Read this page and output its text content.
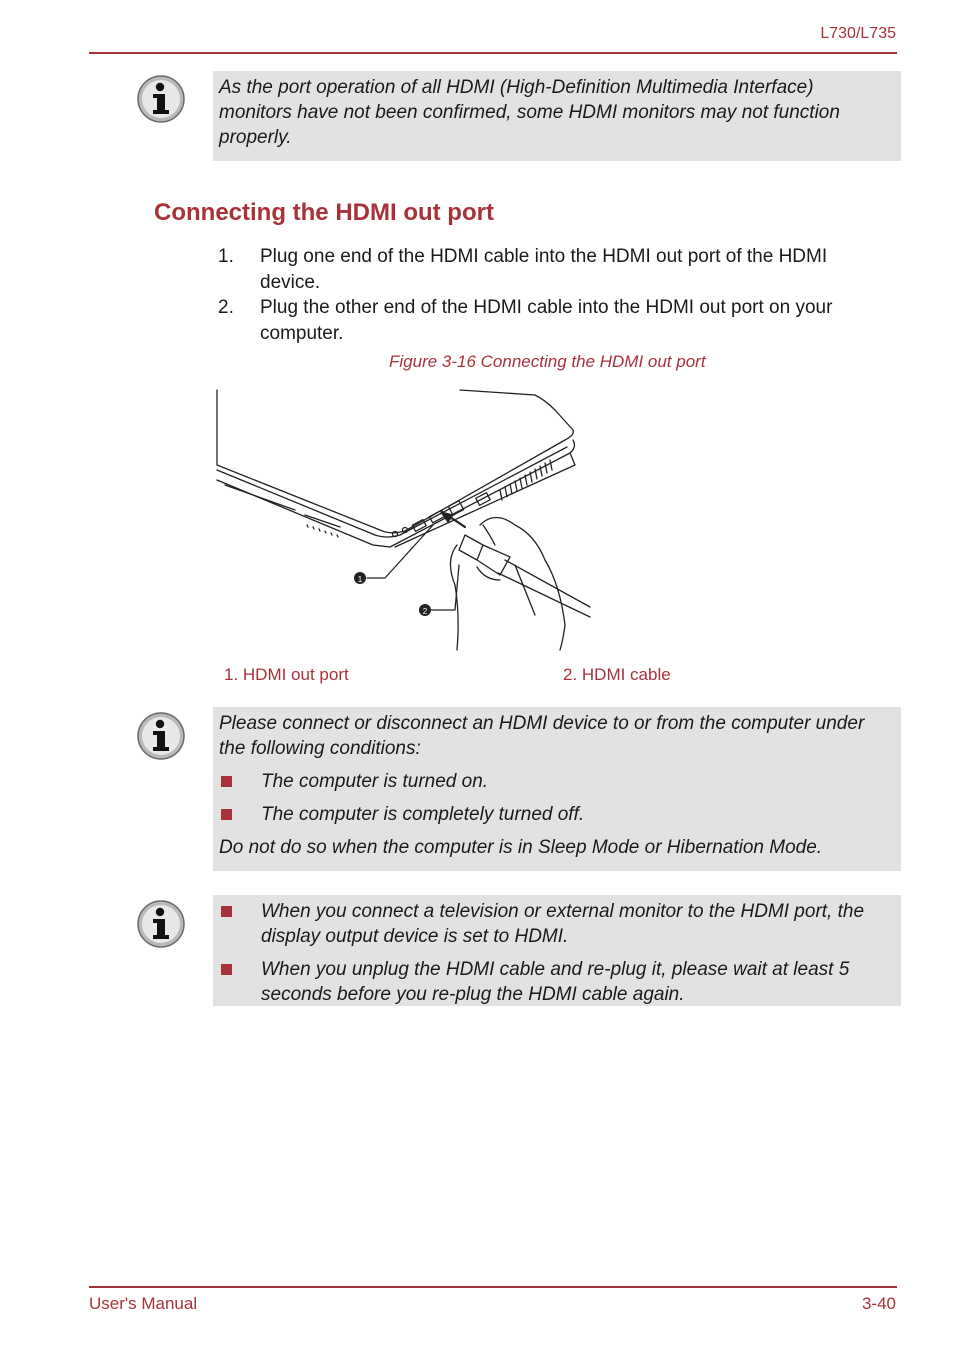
L730/L735

As the port operation of all HDMI (High-Definition Multimedia Interface) monitors have not been confirmed, some HDMI monitors may not function properly.

Connecting the HDMI out port
1. Plug one end of the HDMI cable into the HDMI out port of the HDMI device.
2. Plug the other end of the HDMI cable into the HDMI out port on your computer.
Figure 3-16 Connecting the HDMI out port
1
2
1. HDMI out port	2. HDMI cable

Please connect or disconnect an HDMI device to or from the computer under the following conditions:

The computer is turned on.

The computer is completely turned off.

Do not do so when the computer is in Sleep Mode or Hibernation Mode.

When you connect a television or external monitor to the HDMI port, the display output device is set to HDMI.

When you unplug the HDMI cable and re-plug it, please wait at least 5 seconds before you re-plug the HDMI cable again.

User's Manual	3-40
